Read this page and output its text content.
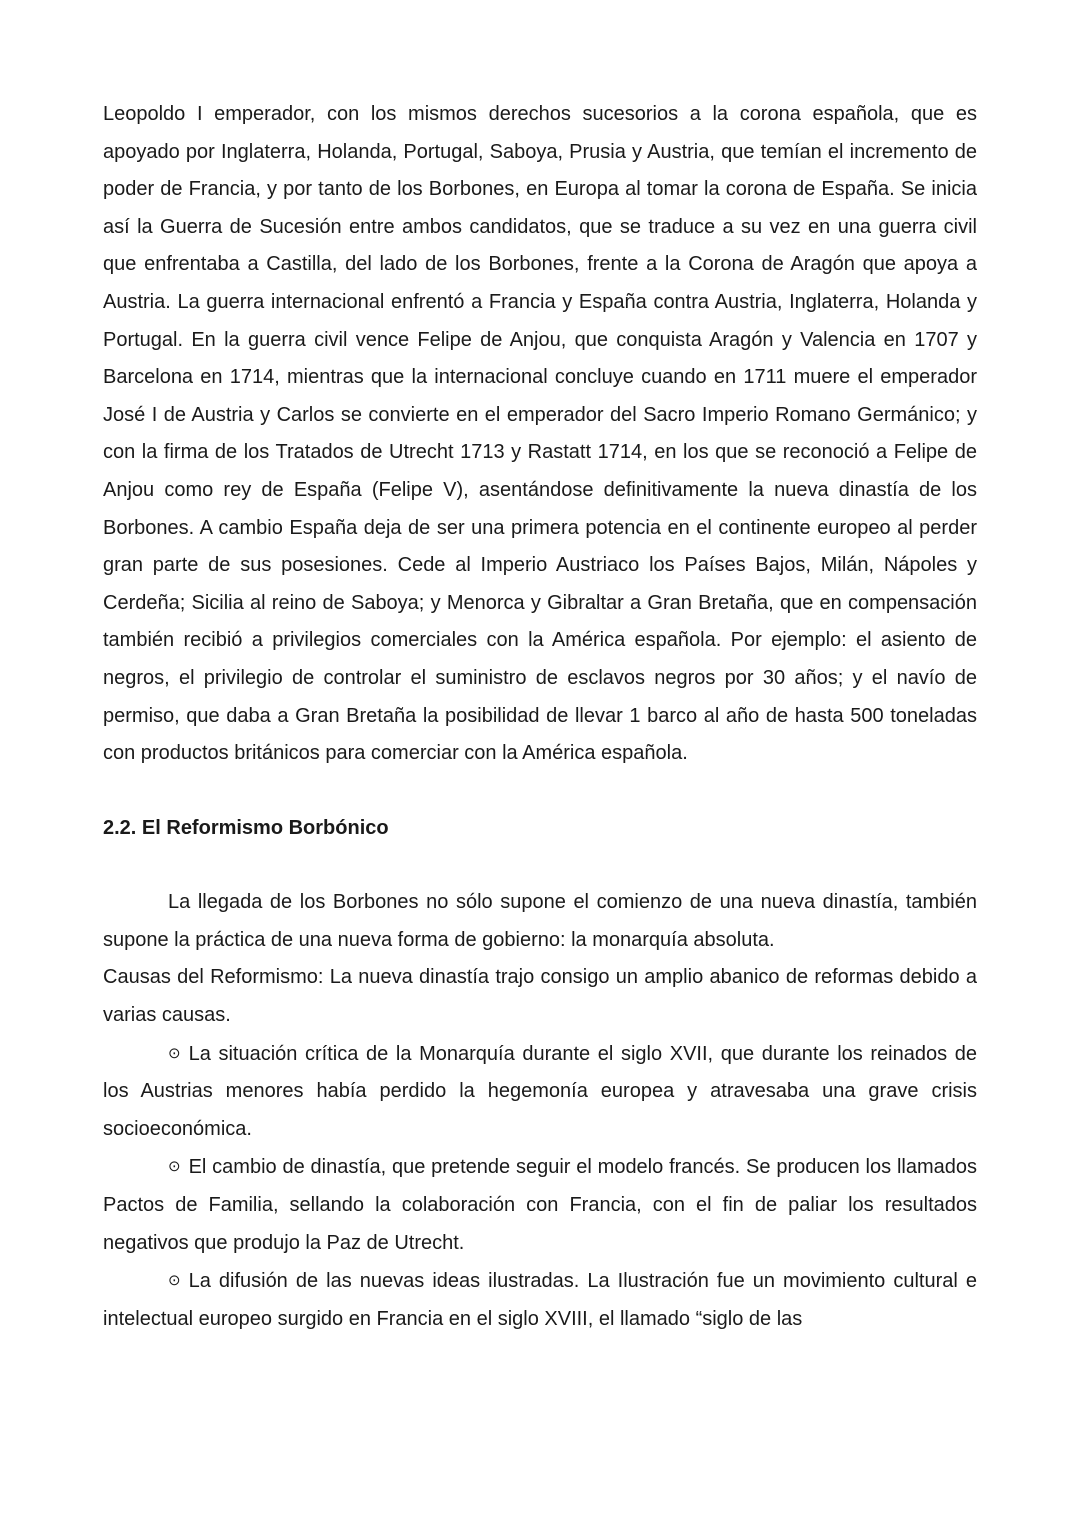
Leopoldo I emperador, con los mismos derechos sucesorios a la corona española, que es apoyado por Inglaterra, Holanda, Portugal, Saboya, Prusia y Austria, que temían el incremento de poder de Francia, y por tanto de los Borbones, en Europa al tomar la corona de España. Se inicia así la Guerra de Sucesión entre ambos candidatos, que se traduce a su vez en una guerra civil que enfrentaba a Castilla, del lado de los Borbones, frente a la Corona de Aragón que apoya a Austria. La guerra internacional enfrentó a Francia y España contra Austria, Inglaterra, Holanda y Portugal. En la guerra civil vence Felipe de Anjou, que conquista Aragón y Valencia en 1707 y Barcelona en 1714, mientras que la internacional concluye cuando en 1711 muere el emperador José I de Austria y Carlos se convierte en el emperador del Sacro Imperio Romano Germánico; y con la firma de los Tratados de Utrecht 1713 y Rastatt 1714, en los que se reconoció a Felipe de Anjou como rey de España (Felipe V), asentándose definitivamente la nueva dinastía de los Borbones. A cambio España deja de ser una primera potencia en el continente europeo al perder gran parte de sus posesiones. Cede al Imperio Austriaco los Países Bajos, Milán, Nápoles y Cerdeña; Sicilia al reino de Saboya; y Menorca y Gibraltar a Gran Bretaña, que en compensación también recibió a privilegios comerciales con la América española. Por ejemplo: el asiento de negros, el privilegio de controlar el suministro de esclavos negros por 30 años; y el navío de permiso, que daba a Gran Bretaña la posibilidad de llevar 1 barco al año de hasta 500 toneladas con productos británicos para comerciar con la América española.

2.2. El Reformismo Borbónico

La llegada de los Borbones no sólo supone el comienzo de una nueva dinastía, también supone la práctica de una nueva forma de gobierno: la monarquía absoluta.

Causas del Reformismo: La nueva dinastía trajo consigo un amplio abanico de reformas debido a varias causas.

⊙ La situación crítica de la Monarquía durante el siglo XVII, que durante los reinados de los Austrias menores había perdido la hegemonía europea y atravesaba una grave crisis socioeconómica.

⊙ El cambio de dinastía, que pretende seguir el modelo francés. Se producen los llamados Pactos de Familia, sellando la colaboración con Francia, con el fin de paliar los resultados negativos que produjo la Paz de Utrecht.

⊙ La difusión de las nuevas ideas ilustradas. La Ilustración fue un movimiento cultural e intelectual europeo surgido en Francia en el siglo XVIII, el llamado “siglo de las
